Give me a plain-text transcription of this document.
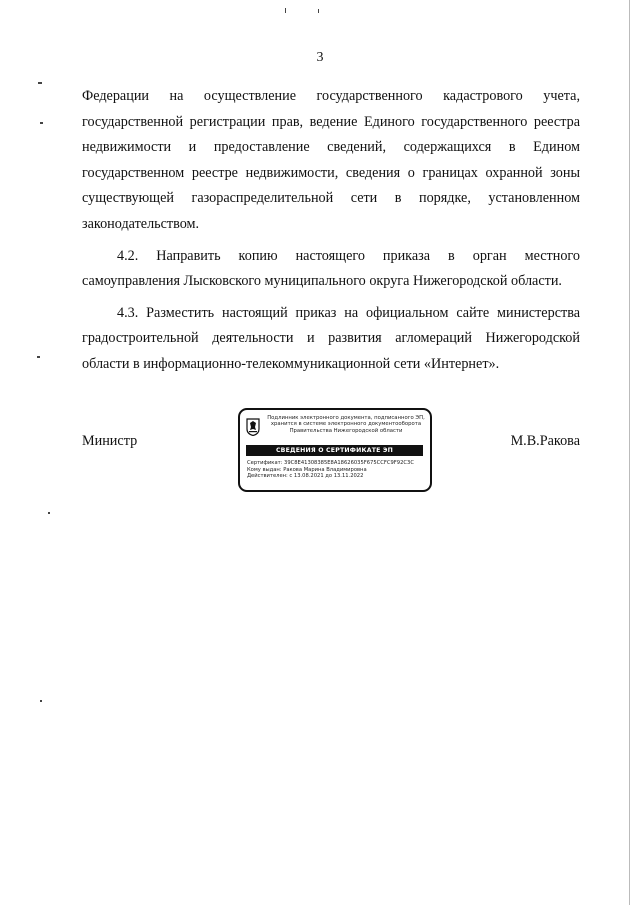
3
Федерации на осуществление государственного кадастрового учета,
государственной регистрации прав, ведение Единого государственного реестра
недвижимости и предоставление сведений, содержащихся в Едином
государственном реестре недвижимости, сведения о границах охранной зоны
существующей газораспределительной сети в порядке, установленном
законодательством.
4.2. Направить копию настоящего приказа в орган местного
самоуправления Лысковского муниципального округа Нижегородской области.
4.3. Разместить настоящий приказ на официальном сайте министерства
градостроительной деятельности и развития агломераций Нижегородской
области в информационно-телекоммуникационной сети «Интернет».
Министр	М.В.Ракова
Подлинник электронного документа, подписанного ЭП,
хранится в системе электронного документооборота
Правительства Нижегородской области
СВЕДЕНИЯ О СЕРТИФИКАТЕ ЭП
Сертификат: 39C8E41308385E8A18626035F675CCFC9F92C3C
Кому выдан: Ракова Марина Владимировна
Действителен: с 13.08.2021 до 13.11.2022
